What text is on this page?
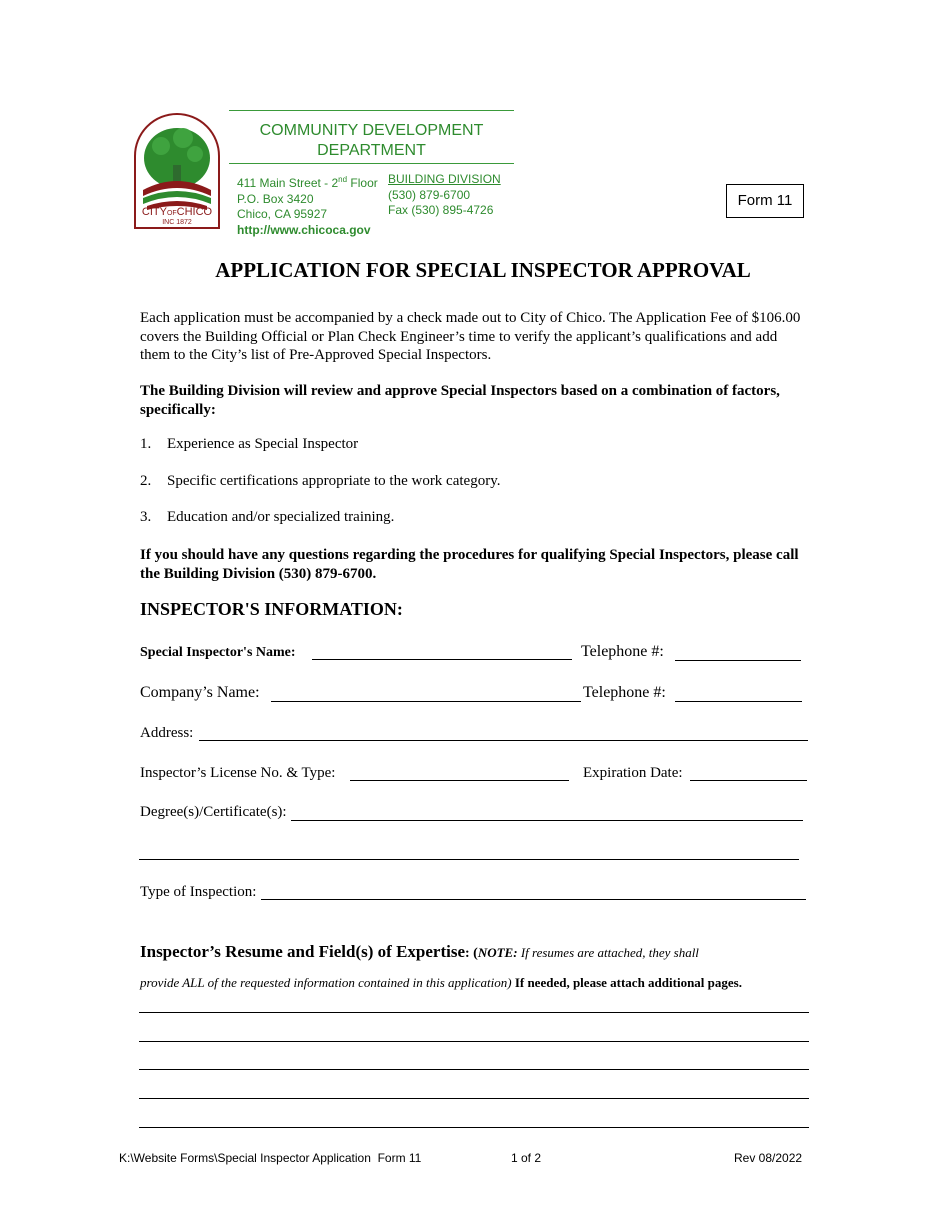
CITYOFCHICO
INC 1872
COMMUNITY DEVELOPMENT
DEPARTMENT
411 Main Street - 2nd Floor
P.O. Box 3420
Chico, CA 95927
http://www.chicoca.gov
BUILDING DIVISION
(530) 879-6700
Fax (530) 895-4726
Form 11
APPLICATION FOR SPECIAL INSPECTOR APPROVAL

Each application must be accompanied by a check made out to City of Chico. The Application Fee of $106.00 covers the Building Official or Plan Check Engineer’s time to verify the applicant’s qualifications and add them to the City’s list of Pre-Approved Special Inspectors.

The Building Division will review and approve Special Inspectors based on a combination of factors, specifically:

1. Experience as Special Inspector
2. Specific certifications appropriate to the work category.
3. Education and/or specialized training.

If you should have any questions regarding the procedures for qualifying Special Inspectors, please call the Building Division (530) 879-6700.

INSPECTOR'S INFORMATION:
Special Inspector's Name:	Telephone #:
Company’s Name:	Telephone #:
Address:
Inspector’s License No. & Type:	Expiration Date:
Degree(s)/Certificate(s):
Type of Inspection:
Inspector’s Resume and Field(s) of Expertise: (NOTE: If resumes are attached, they shall
provide ALL of the requested information contained in this application) If needed, please attach additional pages.
K:\Website Forms\Special Inspector Application  Form 11	1 of 2	Rev 08/2022
